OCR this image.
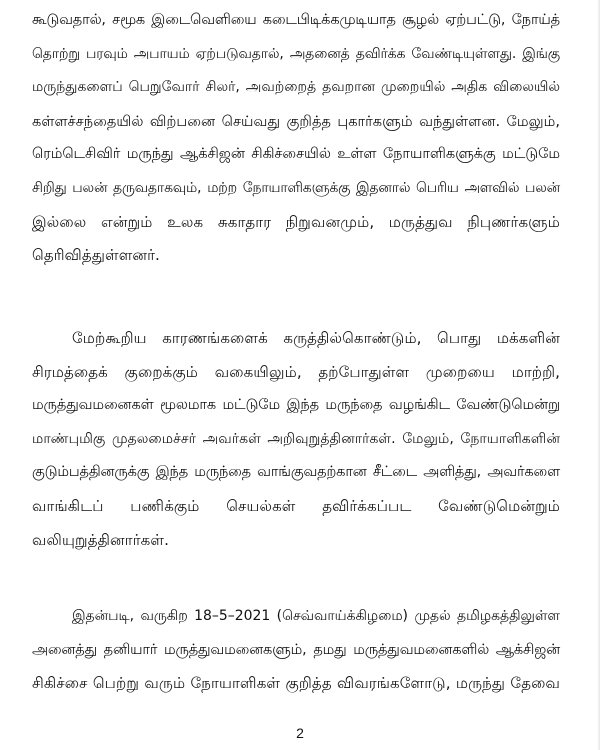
கூடுவதால், சமூக இடைவெளியை கடைபிடிக்கமுடியாத சூழல் ஏற்பட்டு, நோய்த்
தொற்று பரவும் அபாயம் ஏற்படுவதால், அதனைத் தவிர்க்க வேண்டியுள்ளது. இங்கு
மருந்துகளைப் பெறுவோர் சிலர், அவற்றைத் தவறான முறையில் அதிக விலையில்
கள்ளச்சந்தையில் விற்பனை செய்வது குறித்த புகார்களும் வந்துள்ளன. மேலும்,
ரெம்டெசிவிர் மருந்து ஆக்சிஜன் சிகிச்சையில் உள்ள நோயாளிகளுக்கு மட்டுமே
சிறிது பலன் தருவதாகவும், மற்ற நோயாளிகளுக்கு இதனால் பெரிய அளவில் பலன்
இல்லை என்றும் உலக சுகாதார நிறுவனமும், மருத்துவ நிபுணர்களும்
தெரிவித்துள்ளனர்.
மேற்கூறிய காரணங்களைக் கருத்தில்கொண்டும், பொது மக்களின்
சிரமத்தைக் குறைக்கும் வகையிலும், தற்போதுள்ள முறையை மாற்றி,
மருத்துவமனைகள் மூலமாக மட்டுமே இந்த மருந்தை வழங்கிட வேண்டுமென்று
மாண்புமிகு முதலமைச்சர் அவர்கள் அறிவுறுத்தினார்கள். மேலும், நோயாளிகளின்
குடும்பத்தினருக்கு இந்த மருந்தை வாங்குவதற்கான சீட்டை அளித்து, அவர்களை
வாங்கிடப் பணிக்கும் செயல்கள் தவிர்க்கப்பட வேண்டுமென்றும்
வலியுறுத்தினார்கள்.
இதன்படி, வருகிற 18–5–2021 (செவ்வாய்க்கிழமை) முதல் தமிழகத்திலுள்ள
அனைத்து தனியார் மருத்துவமனைகளும், தமது மருத்துவமனைகளில் ஆக்சிஜன்
சிகிச்சை பெற்று வரும் நோயாளிகள் குறித்த விவரங்களோடு, மருந்து தேவை
2
